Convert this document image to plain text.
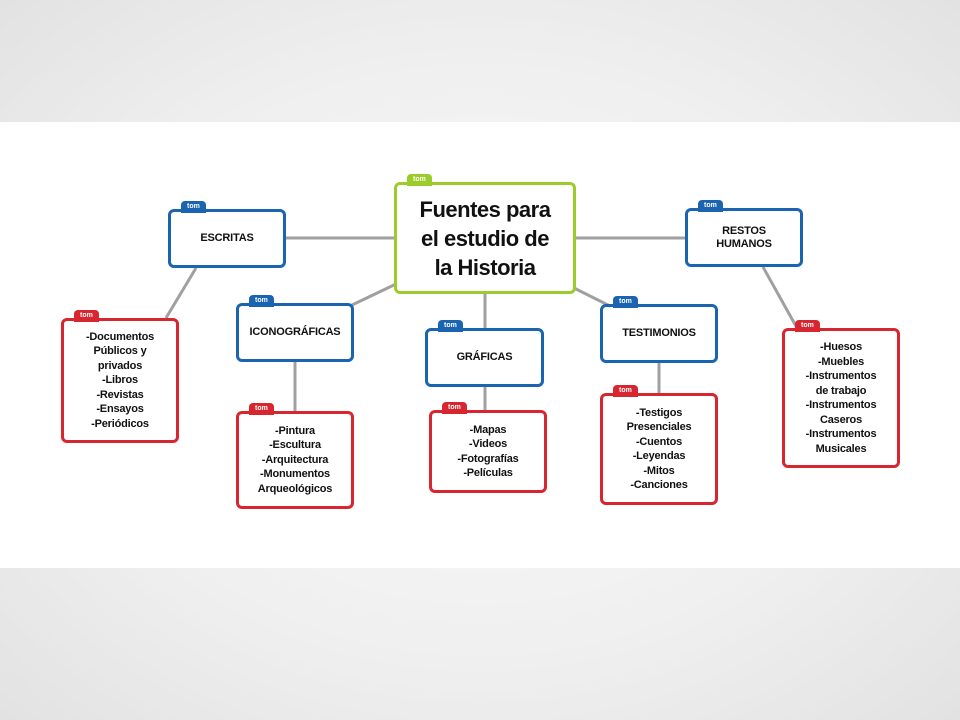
tom
Fuentes para
el estudio de
la Historia
tom
ESCRITAS
tom
RESTOS
HUMANOS
tom
ICONOGRÁFICAS
tom
GRÁFICAS
tom
TESTIMONIOS
tom
-Documentos
Públicos y
privados
-Libros
-Revistas
-Ensayos
-Periódicos
tom
-Pintura
-Escultura
-Arquitectura
-Monumentos
Arqueológicos
tom
-Mapas
-Videos
-Fotografías
-Películas
tom
-Testigos
Presenciales
-Cuentos
-Leyendas
-Mitos
-Canciones
tom
-Huesos
-Muebles
-Instrumentos
de trabajo
-Instrumentos
Caseros
-Instrumentos
Musicales
